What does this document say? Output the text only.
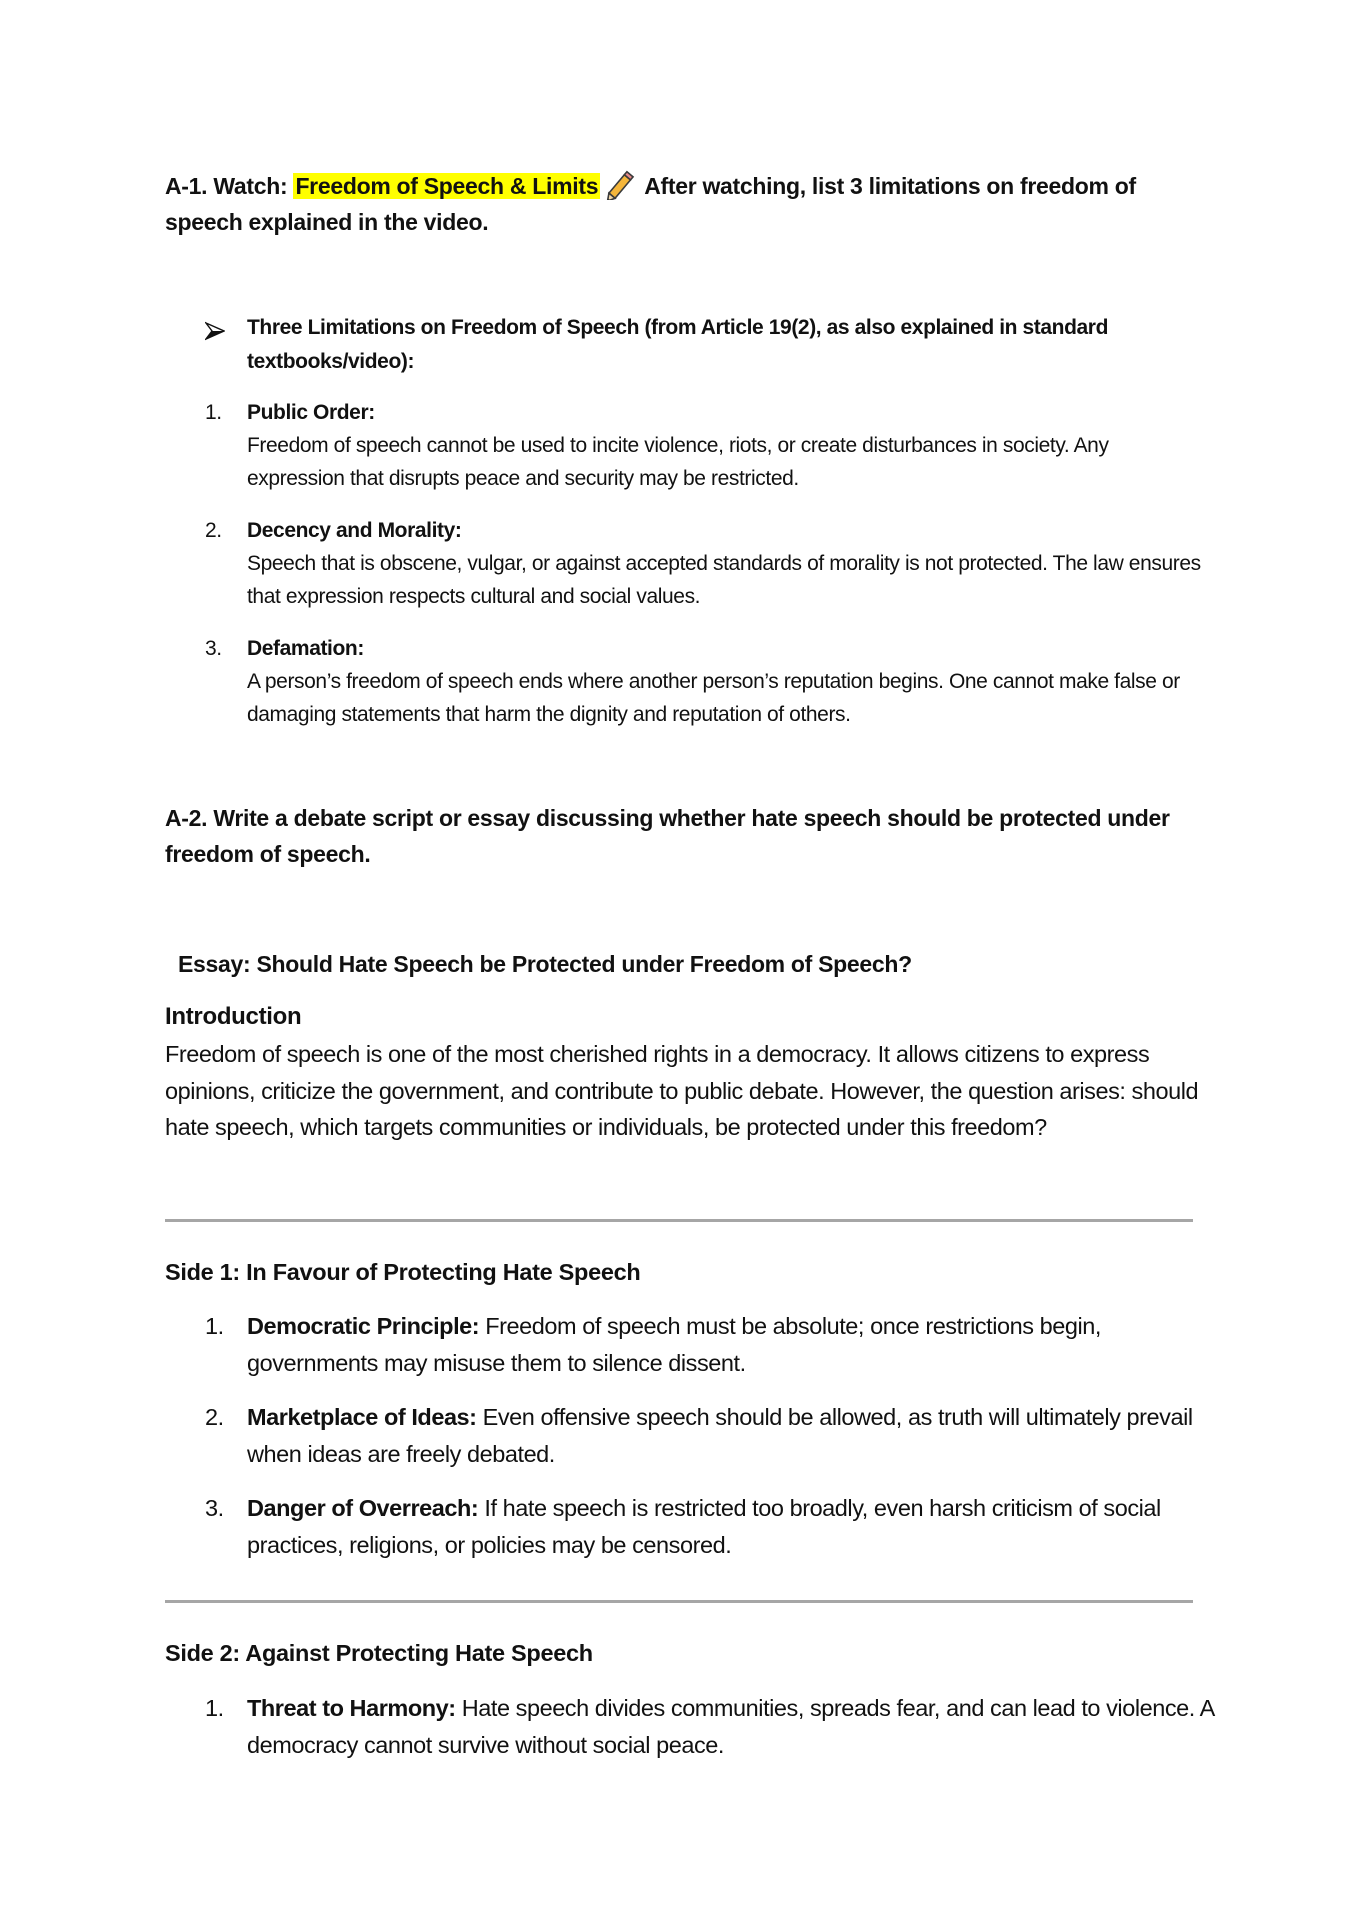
A-1. Watch: Freedom of Speech & Limits After watching, list 3 limitations on freedom of speech explained in the video.
Three Limitations on Freedom of Speech (from Article 19(2), as also explained in standard textbooks/video):
1.	Public Order:
Freedom of speech cannot be used to incite violence, riots, or create disturbances in society. Any expression that disrupts peace and security may be restricted.
2.	Decency and Morality:
Speech that is obscene, vulgar, or against accepted standards of morality is not protected. The law ensures that expression respects cultural and social values.
3.	Defamation:
A person’s freedom of speech ends where another person’s reputation begins. One cannot make false or damaging statements that harm the dignity and reputation of others.
A-2. Write a debate script or essay discussing whether hate speech should be protected under freedom of speech.
Essay: Should Hate Speech be Protected under Freedom of Speech?
Introduction
Freedom of speech is one of the most cherished rights in a democracy. It allows citizens to express opinions, criticize the government, and contribute to public debate. However, the question arises: should hate speech, which targets communities or individuals, be protected under this freedom?
Side 1: In Favour of Protecting Hate Speech
1. Democratic Principle: Freedom of speech must be absolute; once restrictions begin, governments may misuse them to silence dissent.
2. Marketplace of Ideas: Even offensive speech should be allowed, as truth will ultimately prevail when ideas are freely debated.
3. Danger of Overreach: If hate speech is restricted too broadly, even harsh criticism of social practices, religions, or policies may be censored.
Side 2: Against Protecting Hate Speech
1. Threat to Harmony: Hate speech divides communities, spreads fear, and can lead to violence. A democracy cannot survive without social peace.
